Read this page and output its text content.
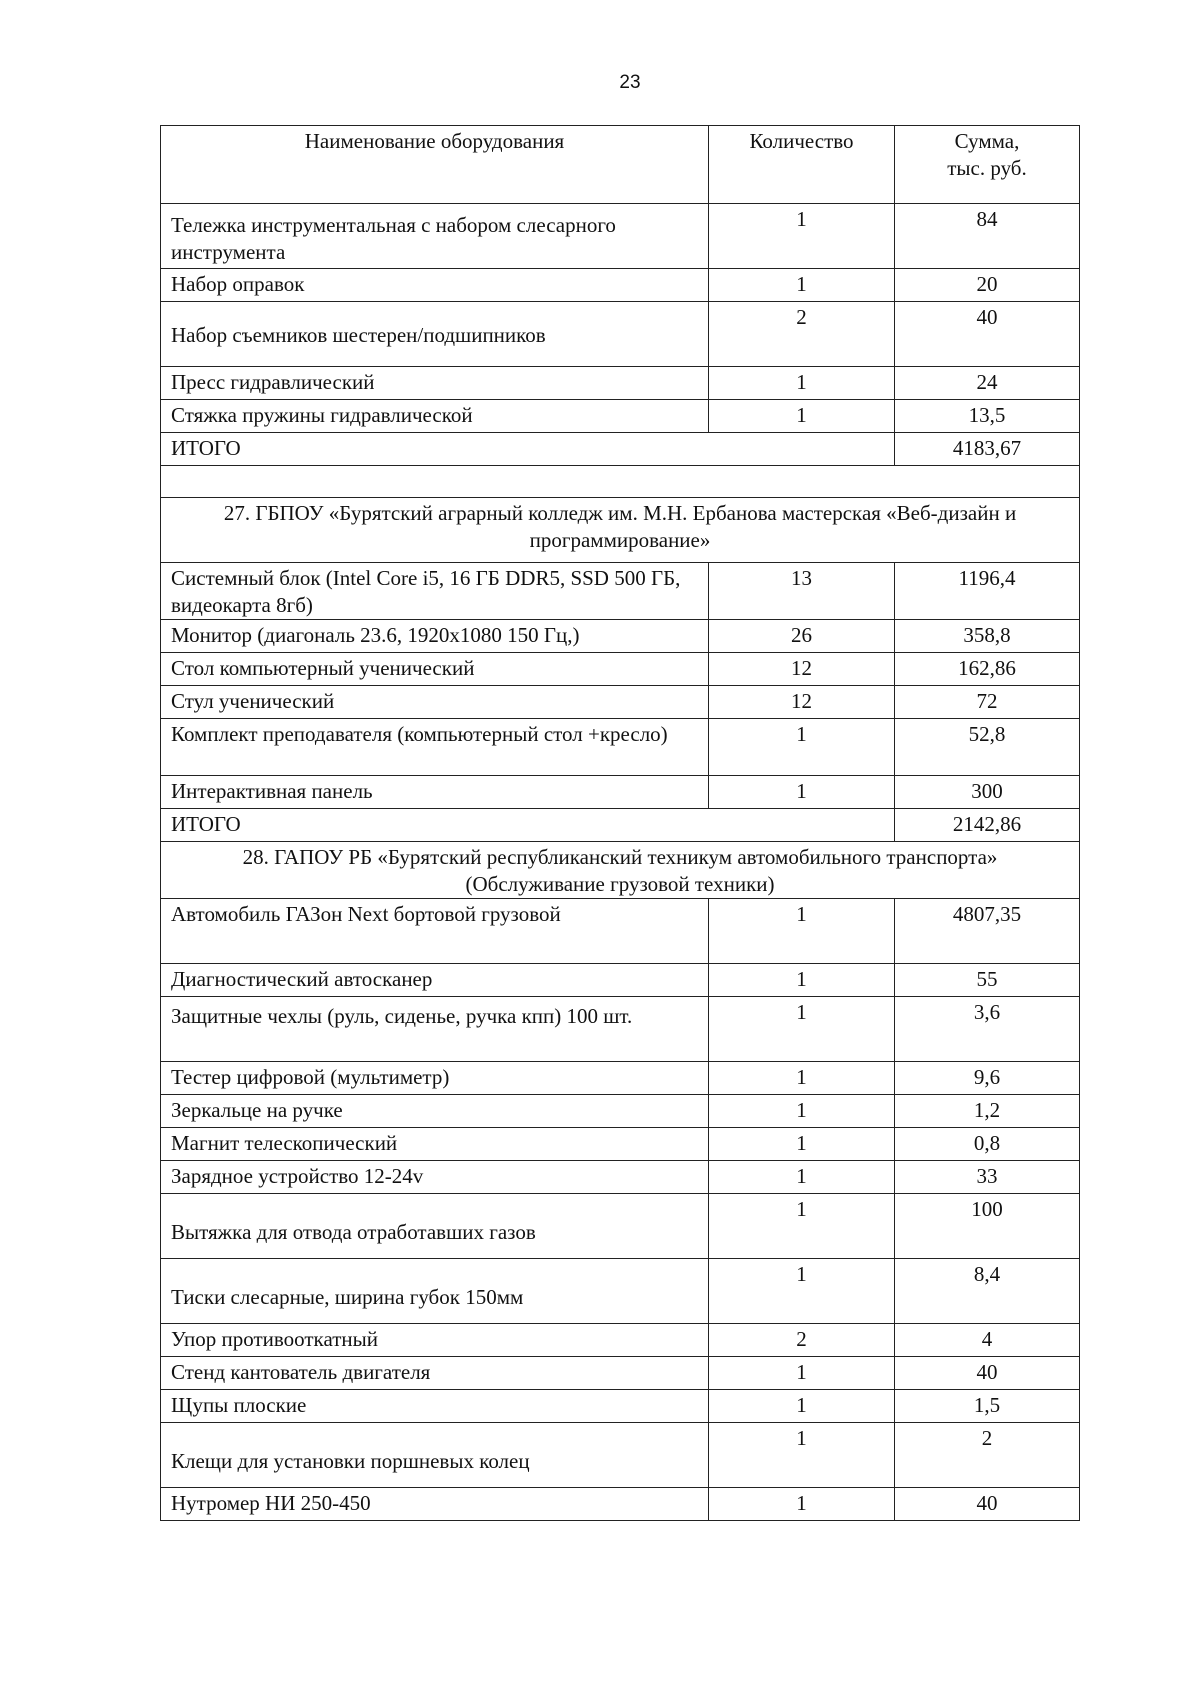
23
Наименование оборудования	Количество	Сумма,
тыс. руб.
Тележка инструментальная с набором слесарного инструмента	1	84
Набор оправок	1	20
Набор съемников шестерен/подшипников	2	40
Пресс гидравлический	1	24
Стяжка пружины гидравлической	1	13,5
ИТОГО		4183,67

27. ГБПОУ «Бурятский аграрный колледж им. М.Н. Ербанова мастерская «Веб-дизайн и программирование»		
Системный блок (Intel Core i5, 16 ГБ DDR5, SSD 500 ГБ, видеокарта 8гб)	13	1196,4
Монитор (диагональ 23.6, 1920x1080 150 Гц,)	26	358,8
Стол компьютерный ученический	12	162,86
Стул ученический	12	72
Комплект преподавателя (компьютерный стол +кресло)	1	52,8
Интерактивная панель	1	300
ИТОГО		2142,86
28. ГАПОУ РБ «Бурятский республиканский техникум автомобильного транспорта» (Обслуживание грузовой техники)		
Автомобиль ГАЗон Next бортовой грузовой	1	4807,35
Диагностический автосканер	1	55
Защитные чехлы (руль, сиденье, ручка кпп) 100 шт.	1	3,6
Тестер цифровой (мультиметр)	1	9,6
Зеркальце на ручке	1	1,2
Магнит телескопический	1	0,8
Зарядное устройство 12-24v	1	33
Вытяжка для отвода отработавших газов	1	100
Тиски слесарные, ширина губок 150мм	1	8,4
Упор противооткатный	2	4
Стенд кантователь двигателя	1	40
Щупы плоские	1	1,5
Клещи для установки поршневых колец	1	2
Нутромер НИ 250-450	1	40
